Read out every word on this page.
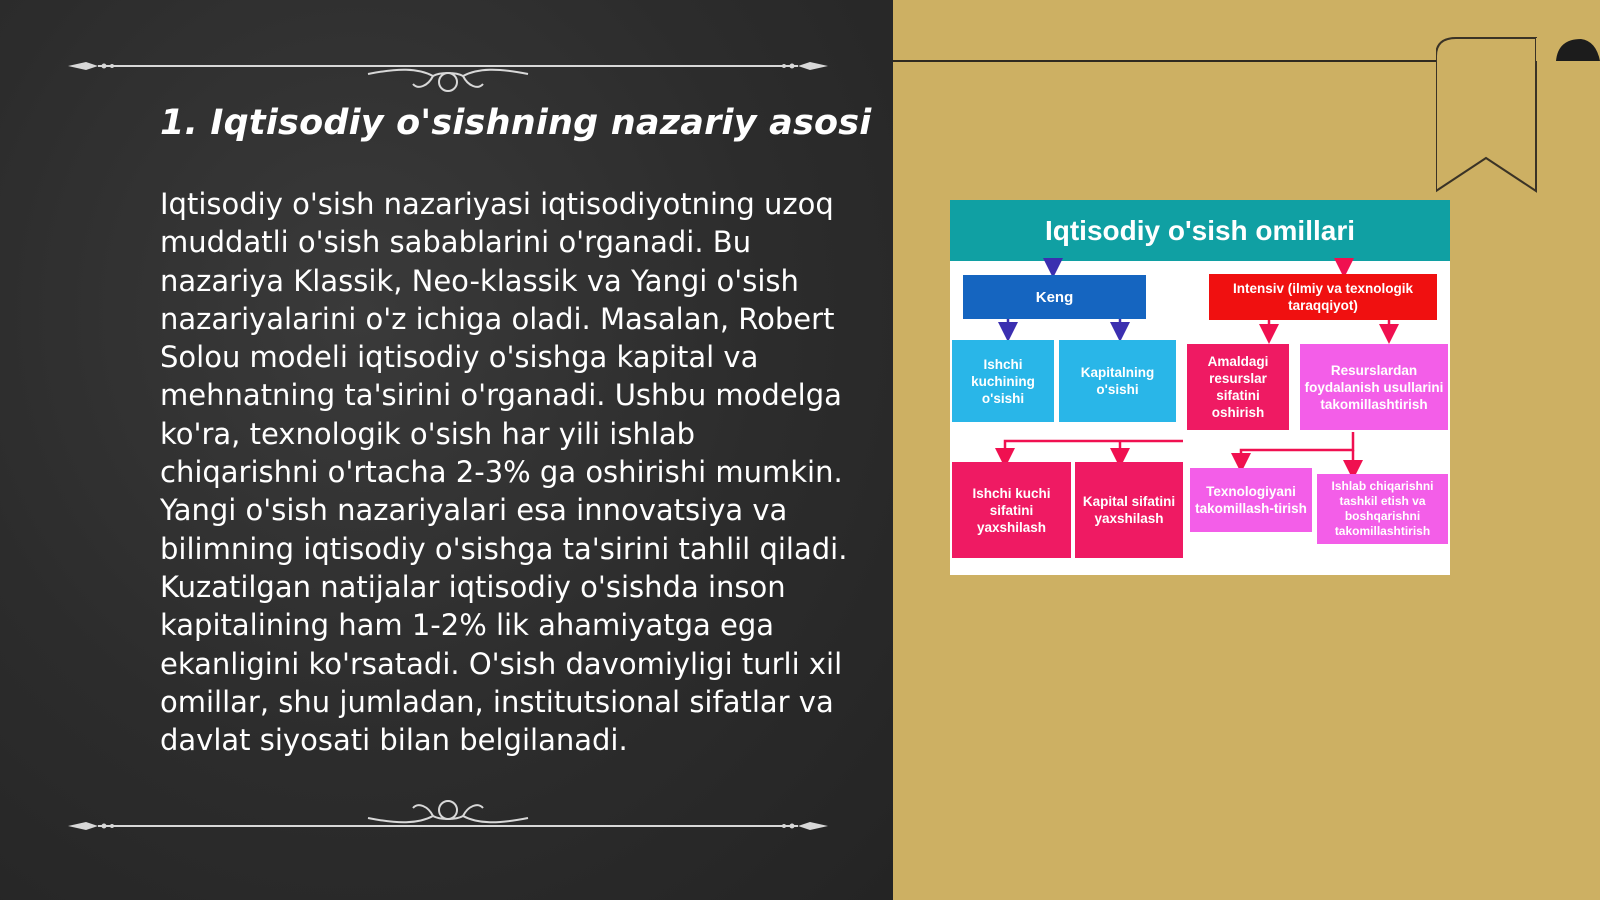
1. Iqtisodiy o'sishning nazariy asosi

Iqtisodiy o'sish nazariyasi iqtisodiyotning uzoq muddatli o'sish sabablarini o'rganadi. Bu nazariya Klassik, Neo-klassik va Yangi o'sish nazariyalarini o'z ichiga oladi. Masalan, Robert Solou modeli iqtisodiy o'sishga kapital va mehnatning ta'sirini o'rganadi. Ushbu modelga ko'ra, texnologik o'sish har yili ishlab chiqarishni o'rtacha 2-3% ga oshirishi mumkin. Yangi o'sish nazariyalari esa innovatsiya va bilimning iqtisodiy o'sishga ta'sirini tahlil qiladi. Kuzatilgan natijalar iqtisodiy o'sishda inson kapitalining ham 1-2% lik ahamiyatga ega ekanligini ko'rsatadi. O'sish davomiyligi turli xil omillar, shu jumladan, institutsional sifatlar va davlat siyosati bilan belgilanadi.

Iqtisodiy o'sish omillari
Keng	Intensiv (ilmiy va texnologik taraqqiyot)
Ishchi kuchining o'sishi
Kapitalning o'sishi
Amaldagi resurslar sifatini oshirish
Resurslardan foydalanish usullarini takomillashtirish
Ishchi kuchi sifatini yaxshilash
Kapital sifatini yaxshilash
Texnologiyani takomillash-tirish
Ishlab chiqarishni tashkil etish va boshqarishni takomillashtirish
